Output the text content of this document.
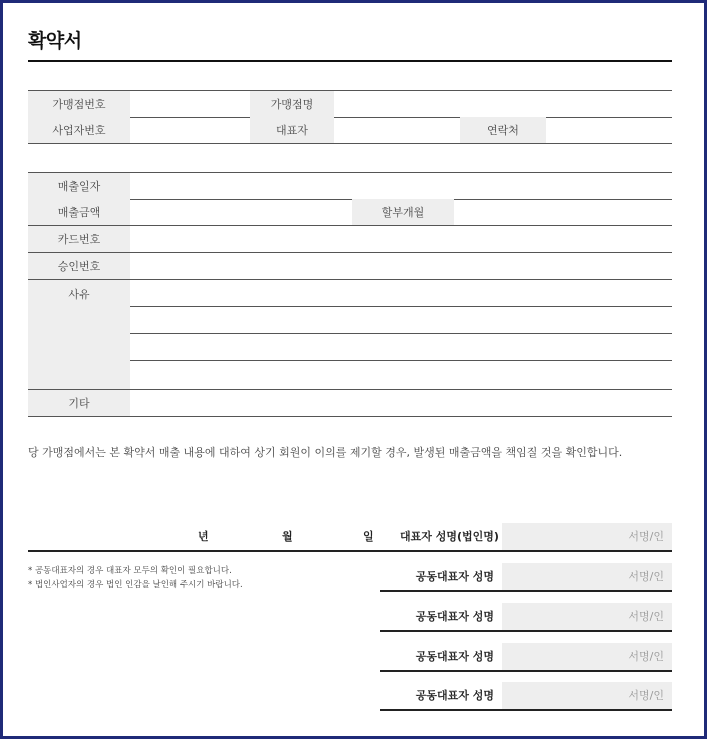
확약서
가맹점번호	가맹점명
사업자번호	대표자	연락처
매출일자
매출금액	할부개월
카드번호
승인번호
사유
기타
당 가맹점에서는 본 확약서 매출 내용에 대하여 상기 회원이 이의를 제기할 경우, 발생된 매출금액을 책임질 것을 확인합니다.
년	월	일 대표자 성명(법인명)	서명/인
* 공동대표자의 경우 대표자 모두의 확인이 필요합니다.
* 법인사업자의 경우 법인 인감을 날인해 주시기 바랍니다.
공동대표자 성명	서명/인
공동대표자 성명	서명/인
공동대표자 성명	서명/인
공동대표자 성명	서명/인
